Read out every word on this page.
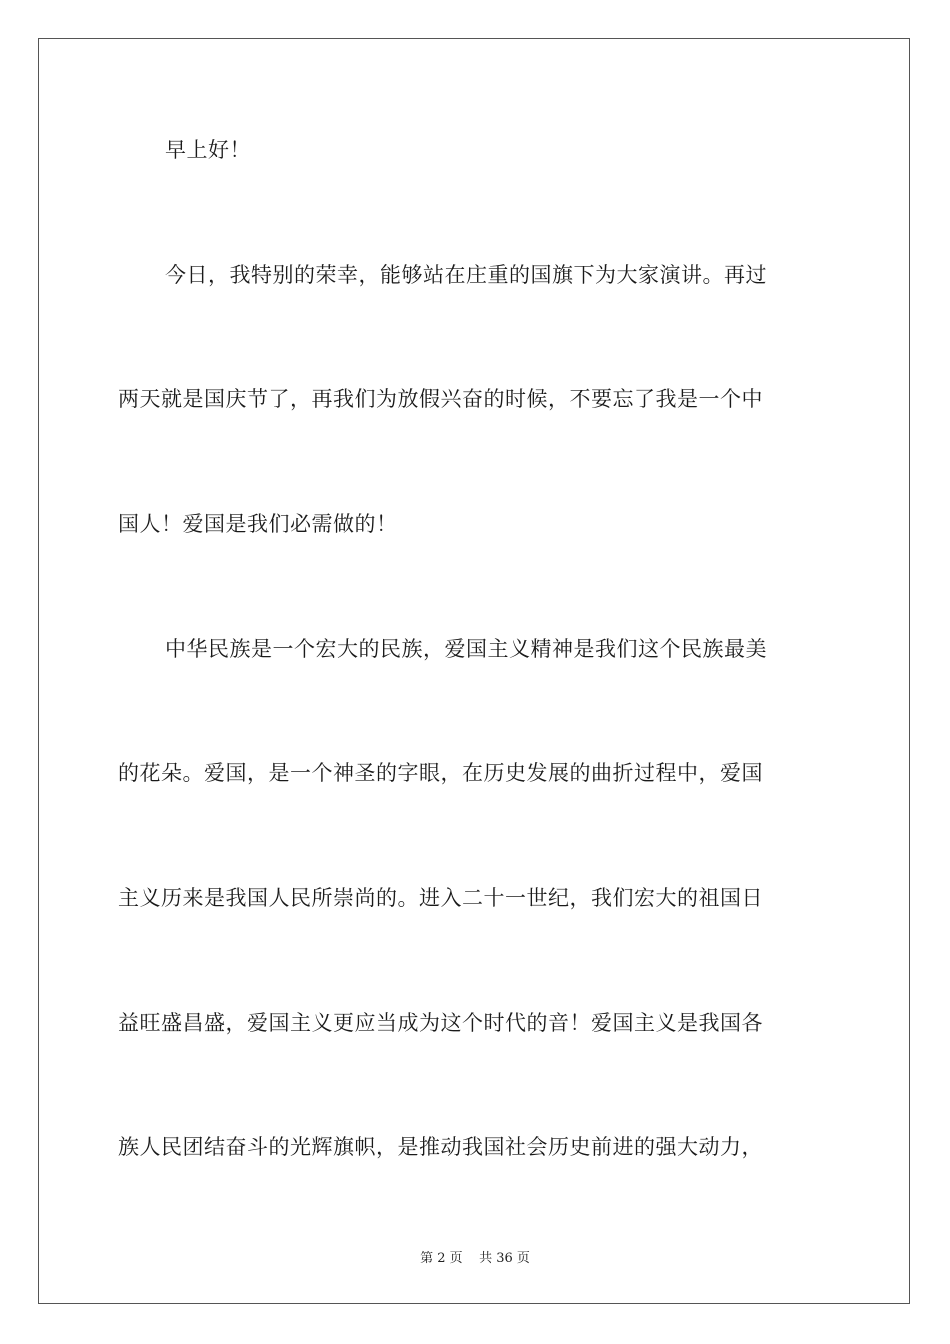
早上好！
今日，我特别的荣幸，能够站在庄重的国旗下为大家演讲。再过
两天就是国庆节了，再我们为放假兴奋的时候，不要忘了我是一个中
国人！爱国是我们必需做的！
中华民族是一个宏大的民族，爱国主义精神是我们这个民族最美
的花朵。爱国，是一个神圣的字眼，在历史发展的曲折过程中，爱国
主义历来是我国人民所崇尚的。进入二十一世纪，我们宏大的祖国日
益旺盛昌盛，爱国主义更应当成为这个时代的音！爱国主义是我国各
族人民团结奋斗的光辉旗帜，是推动我国社会历史前进的强大动力，
第 2 页    共 36 页
